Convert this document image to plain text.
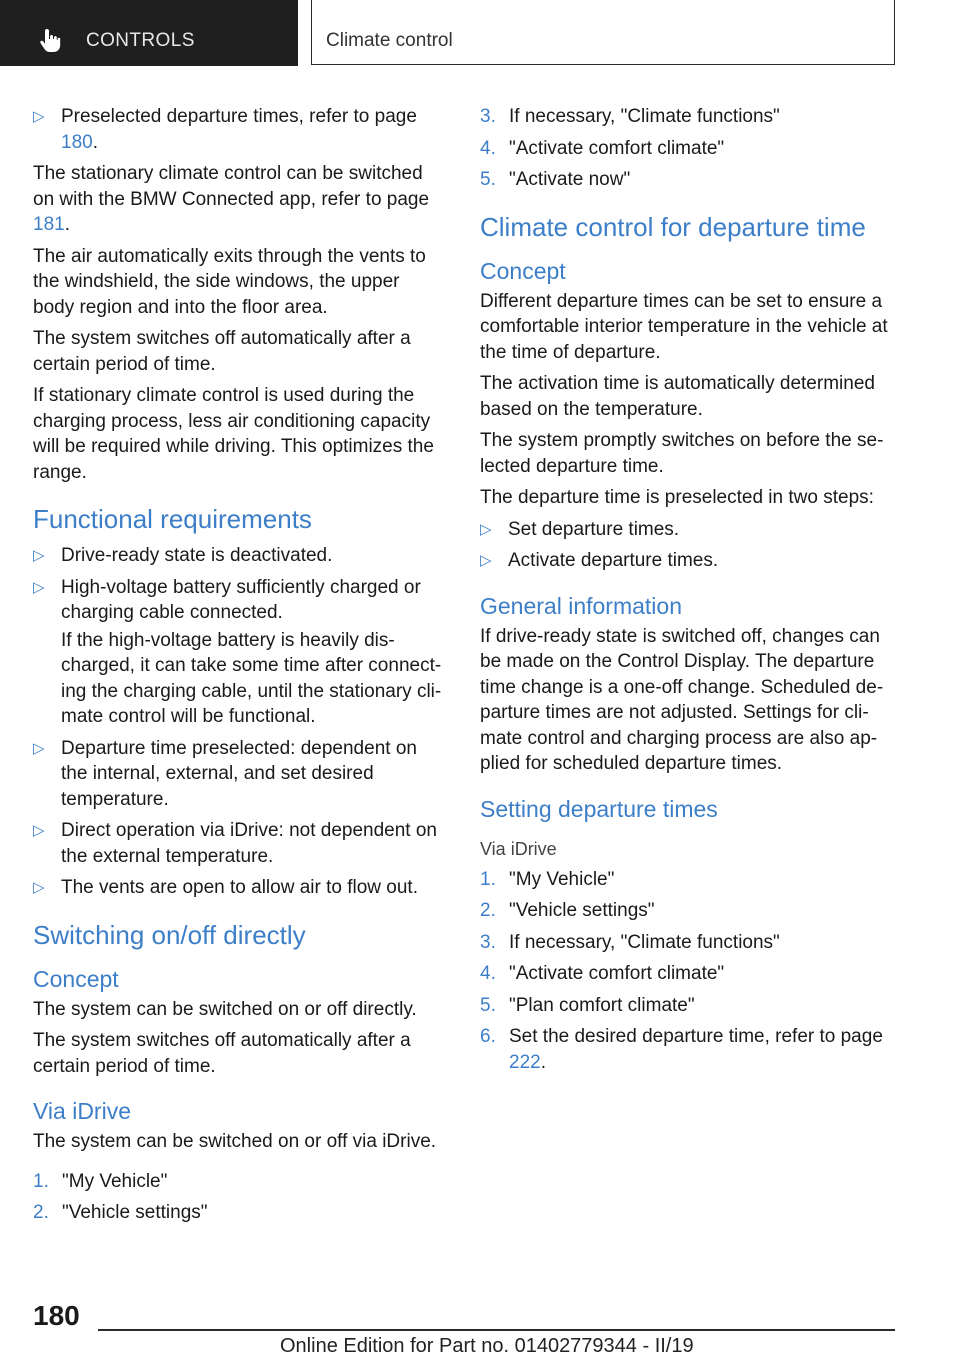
CONTROLS	Climate control
▷ Preselected departure times, refer to page 180.

The stationary climate control can be switched on with the BMW Connected app, refer to page 181.

The air automatically exits through the vents to the windshield, the side windows, the upper body region and into the floor area.

The system switches off automatically after a certain period of time.

If stationary climate control is used during the charging process, less air conditioning capacity will be required while driving. This optimizes the range.

Functional requirements
▷ Drive-ready state is deactivated.
▷ High-voltage battery sufficiently charged or charging cable connected.
If the high-voltage battery is heavily discharged, it can take some time after connecting the charging cable, until the stationary climate control will be functional.
▷ Departure time preselected: dependent on the internal, external, and set desired temperature.
▷ Direct operation via iDrive: not dependent on the external temperature.
▷ The vents are open to allow air to flow out.
Switching on/off directly
Concept

The system can be switched on or off directly.

The system switches off automatically after a certain period of time.

Via iDrive

The system can be switched on or off via iDrive.

1. "My Vehicle"
2. "Vehicle settings"
3. If necessary, "Climate functions"
4. "Activate comfort climate"
5. "Activate now"
Climate control for departure time
Concept

Different departure times can be set to ensure a comfortable interior temperature in the vehicle at the time of departure.

The activation time is automatically determined based on the temperature.

The system promptly switches on before the selected departure time.

The departure time is preselected in two steps:

▷ Set departure times.
▷ Activate departure times.
General information

If drive-ready state is switched off, changes can be made on the Control Display. The departure time change is a one-off change. Scheduled departure times are not adjusted. Settings for climate control and charging process are also applied for scheduled departure times.

Setting departure times
Via iDrive
1. "My Vehicle"
2. "Vehicle settings"
3. If necessary, "Climate functions"
4. "Activate comfort climate"
5. "Plan comfort climate"
6. Set the desired departure time, refer to page 222.
180
Online Edition for Part no. 01402779344 - II/19
